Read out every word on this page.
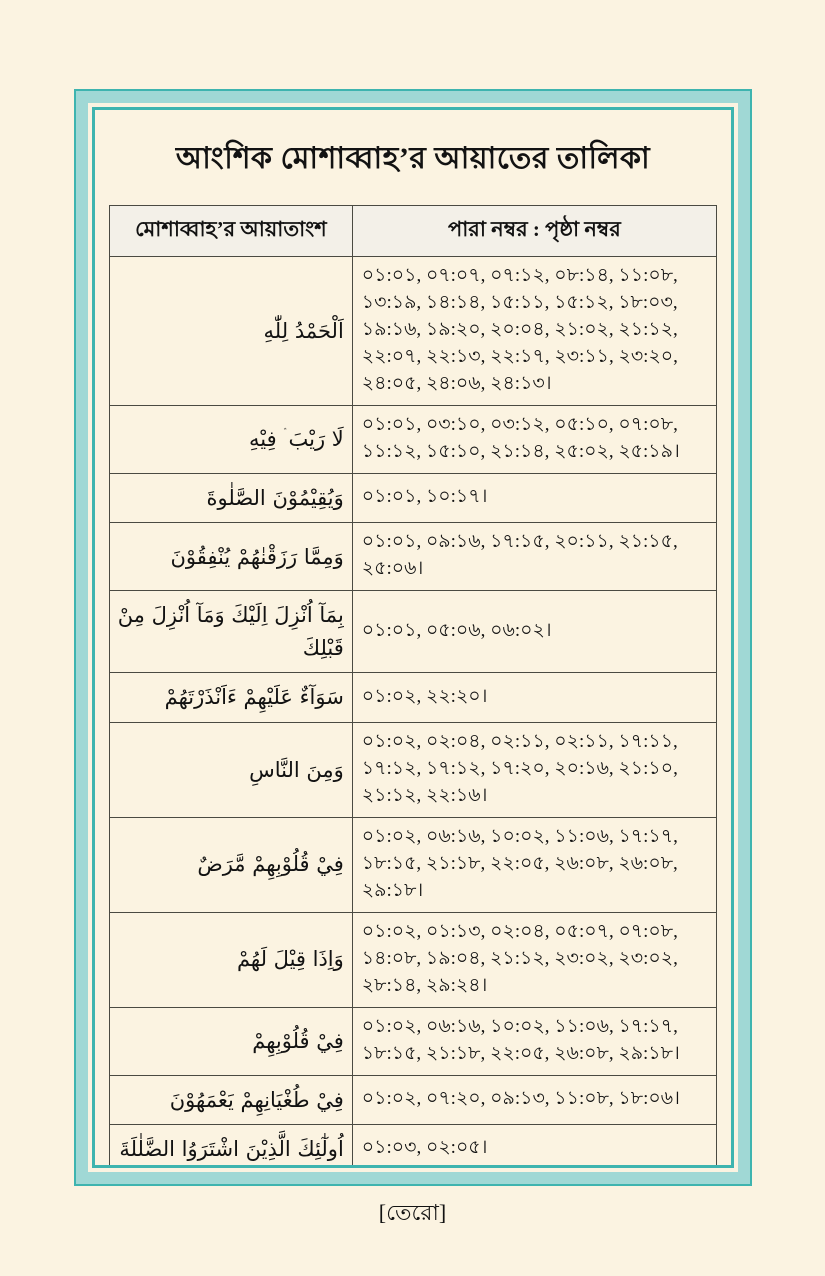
আংশিক মোশাব্বাহ’র আয়াতের তালিকা
মোশাব্বাহ’র আয়াতাংশ	পারা নম্বর : পৃষ্ঠা নম্বর
اَلْحَمْدُ لِلّٰهِ	০১:০১, ০৭:০৭, ০৭:১২, ০৮:১৪, ১১:০৮, ১৩:১৯, ১৪:১৪, ১৫:১১, ১৫:১২, ১৮:০৩, ১৯:১৬, ১৯:২০, ২০:০৪, ২১:০২, ২১:১২, ২২:০৭, ২২:১৩, ২২:১৭, ২৩:১১, ২৩:২০, ২৪:০৫, ২৪:০৬, ২৪:১৩।
لَا رَيْبَ ۛ فِيْهِ	০১:০১, ০৩:১০, ০৩:১২, ০৫:১০, ০৭:০৮, ১১:১২, ১৫:১০, ২১:১৪, ২৫:০২, ২৫:১৯।
وَيُقِيْمُوْنَ الصَّلٰوةَ	০১:০১, ১০:১৭।
وَمِمَّا رَزَقْنٰهُمْ يُنْفِقُوْنَ	০১:০১, ০৯:১৬, ১৭:১৫, ২০:১১, ২১:১৫, ২৫:০৬।
بِمَآ اُنْزِلَ اِلَيْكَ وَمَآ اُنْزِلَ مِنْ قَبْلِكَ	০১:০১, ০৫:০৬, ০৬:০২।
سَوَآءٌ عَلَيْهِمْ ءَاَنْذَرْتَهُمْ	০১:০২, ২২:২০।
وَمِنَ النَّاسِ	০১:০২, ০২:০৪, ০২:১১, ০২:১১, ১৭:১১, ১৭:১২, ১৭:১২, ১৭:২০, ২০:১৬, ২১:১০, ২১:১২, ২২:১৬।
فِيْ قُلُوْبِهِمْ مَّرَضٌ	০১:০২, ০৬:১৬, ১০:০২, ১১:০৬, ১৭:১৭, ১৮:১৫, ২১:১৮, ২২:০৫, ২৬:০৮, ২৬:০৮, ২৯:১৮।
وَاِذَا قِيْلَ لَهُمْ	০১:০২, ০১:১৩, ০২:০৪, ০৫:০৭, ০৭:০৮, ১৪:০৮, ১৯:০৪, ২১:১২, ২৩:০২, ২৩:০২, ২৮:১৪, ২৯:২৪।
فِيْ قُلُوْبِهِمْ	০১:০২, ০৬:১৬, ১০:০২, ১১:০৬, ১৭:১৭, ১৮:১৫, ২১:১৮, ২২:০৫, ২৬:০৮, ২৯:১৮।
فِيْ طُغْيَانِهِمْ يَعْمَهُوْنَ	০১:০২, ০৭:২০, ০৯:১৩, ১১:০৮, ১৮:০৬।
اُولٰٓئِكَ الَّذِيْنَ اشْتَرَوُا الضَّلٰلَةَ	০১:০৩, ০২:০৫।

[তেরো]
